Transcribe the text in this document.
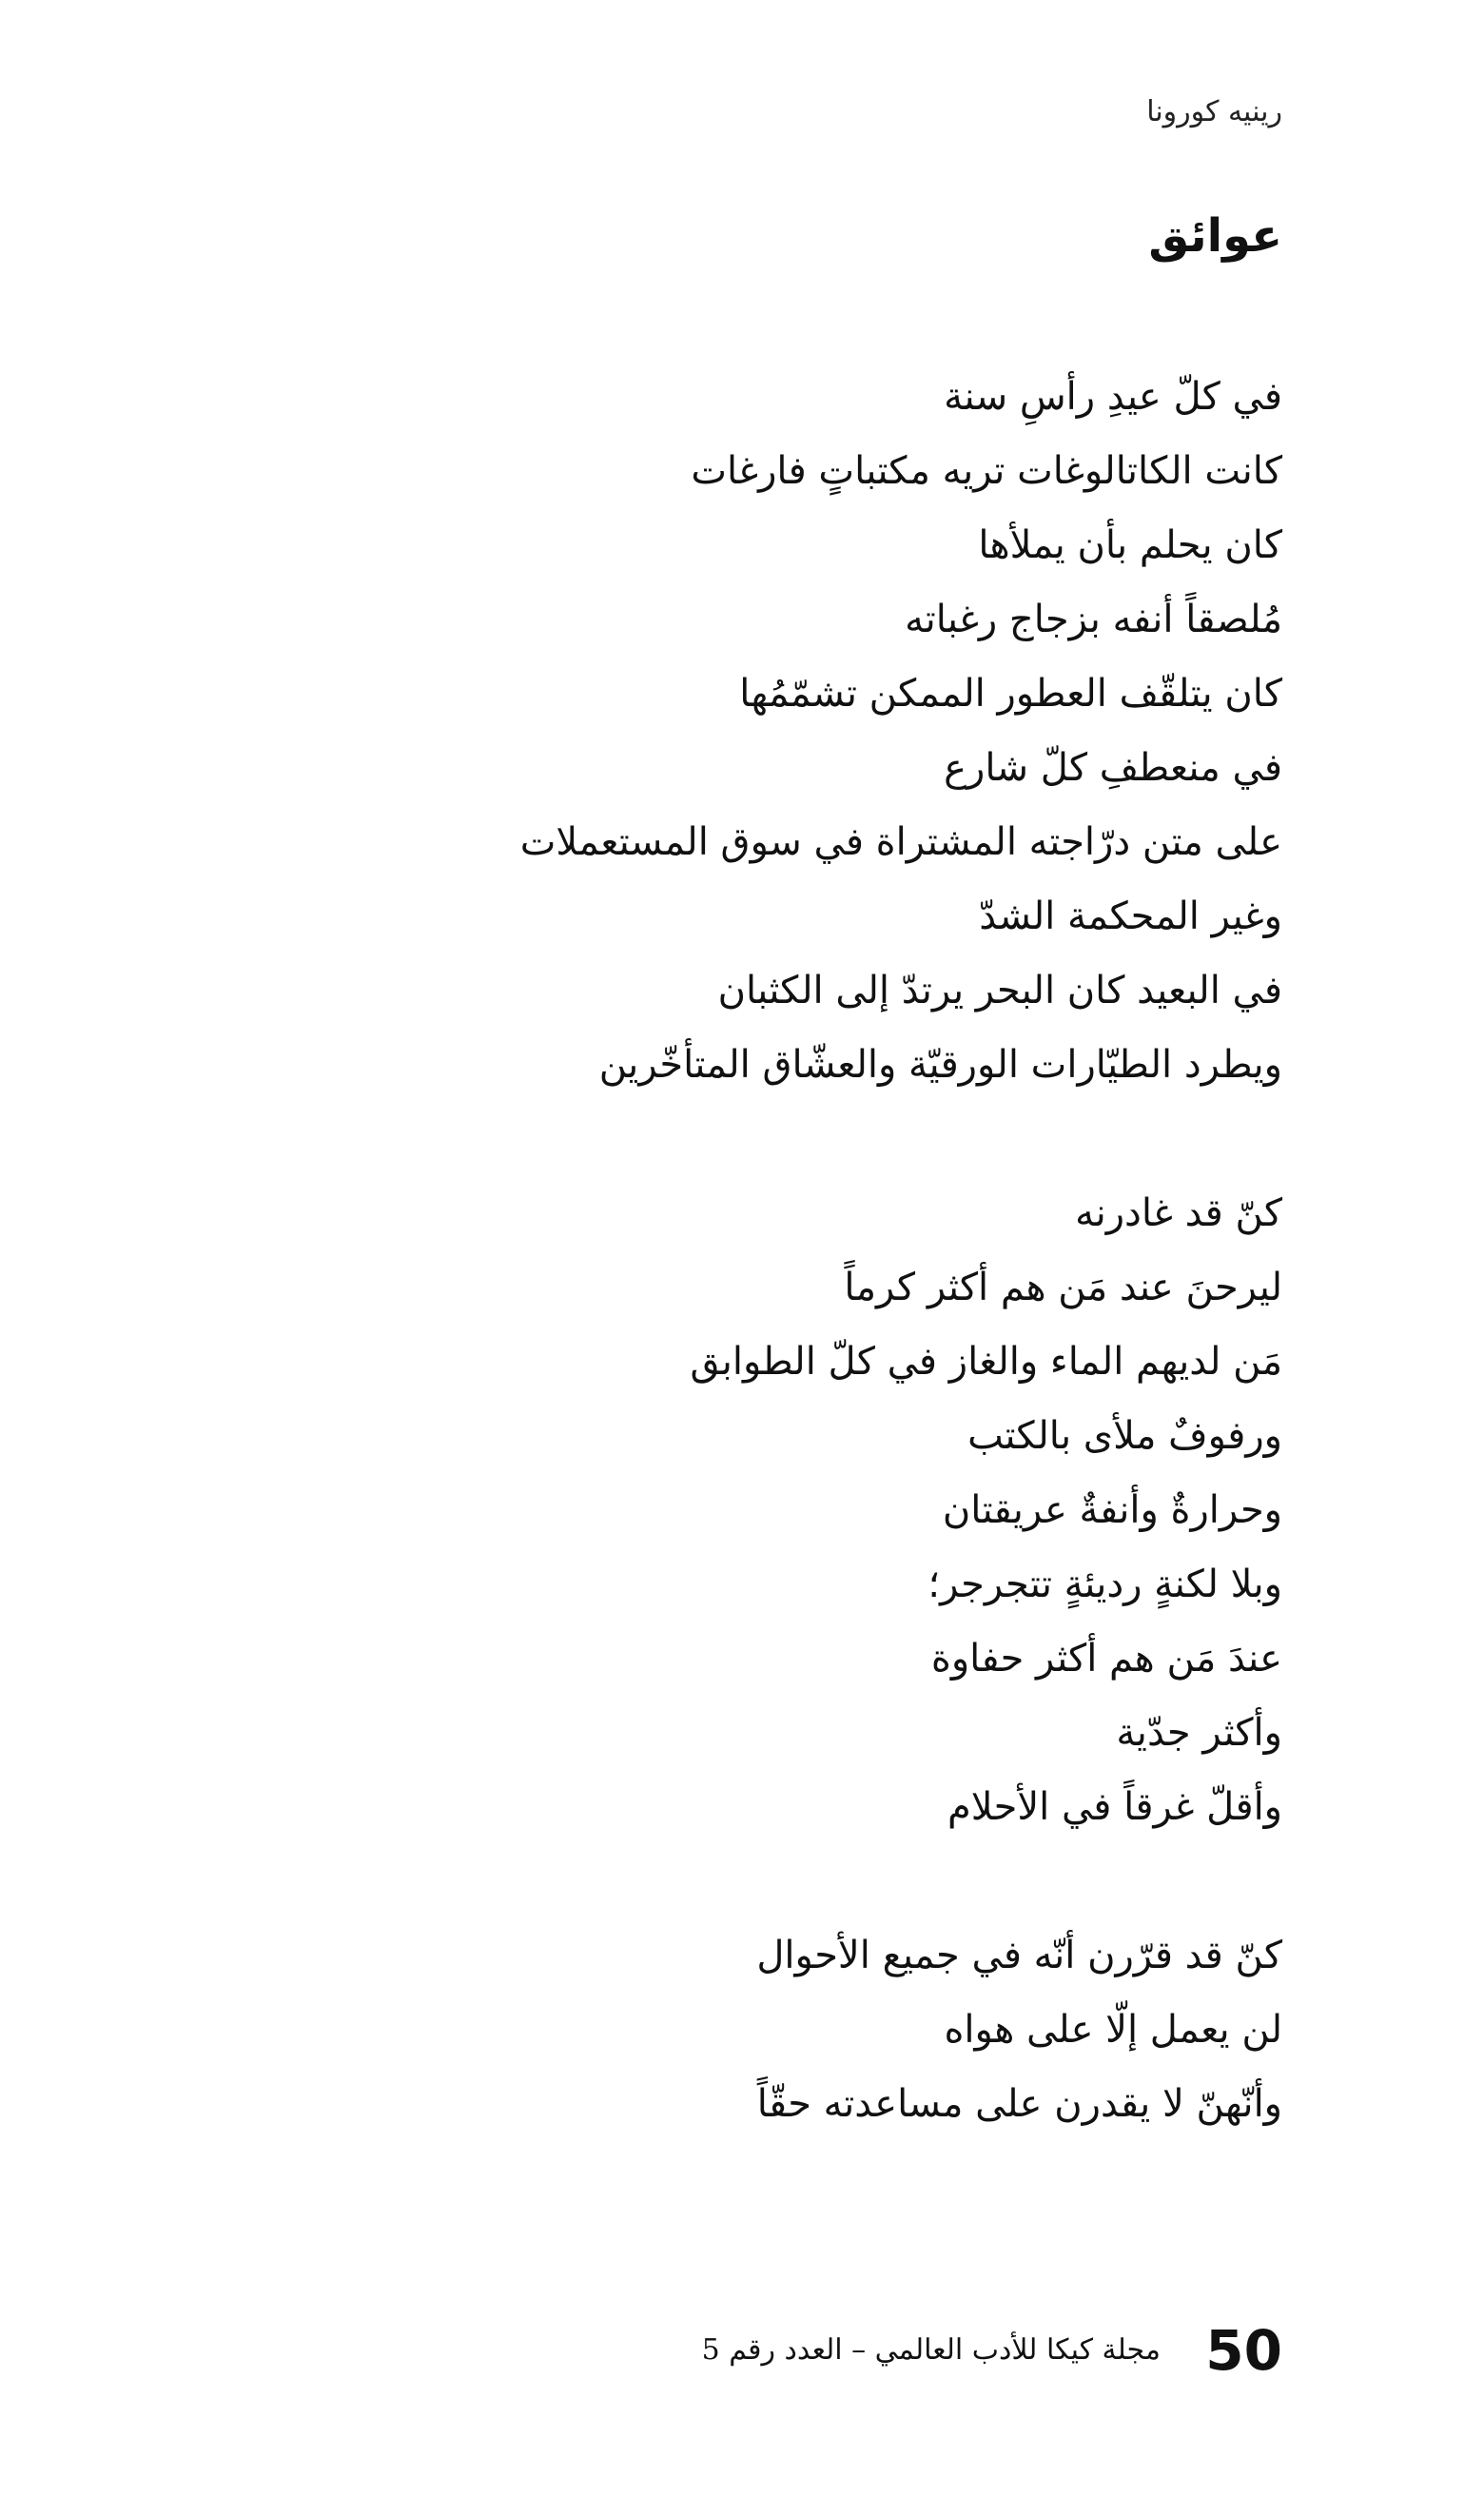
رينيه كورونا
عوائق
في كلّ عيدِ رأسِ سنة
كانت الكاتالوغات تريه مكتباتٍ فارغات
كان يحلم بأن يملأها
مُلصقاً أنفه بزجاج رغباته
كان يتلقّف العطور الممكن تشمّمُها
في منعطفِ كلّ شارع
على متن درّاجته المشتراة في سوق المستعملات
وغير المحكمة الشدّ
في البعيد كان البحر يرتدّ إلى الكثبان
ويطرد الطيّارات الورقيّة والعشّاق المتأخّرين
كنّ قد غادرنه
ليرحنَ عند مَن هم أكثر كرماً
مَن لديهم الماء والغاز في كلّ الطوابق
ورفوفٌ ملأى بالكتب
وحرارةٌ وأنفةٌ عريقتان
وبلا لكنةٍ رديئةٍ تتجرجر؛
عندَ مَن هم أكثر حفاوة
وأكثر جدّية
وأقلّ غرقاً في الأحلام
كنّ قد قرّرن أنّه في جميع الأحوال
لن يعمل إلّا على هواه
وأنّهنّ لا يقدرن على مساعدته حقّاً
50
مجلة كيكا للأدب العالمي – العدد رقم 5
